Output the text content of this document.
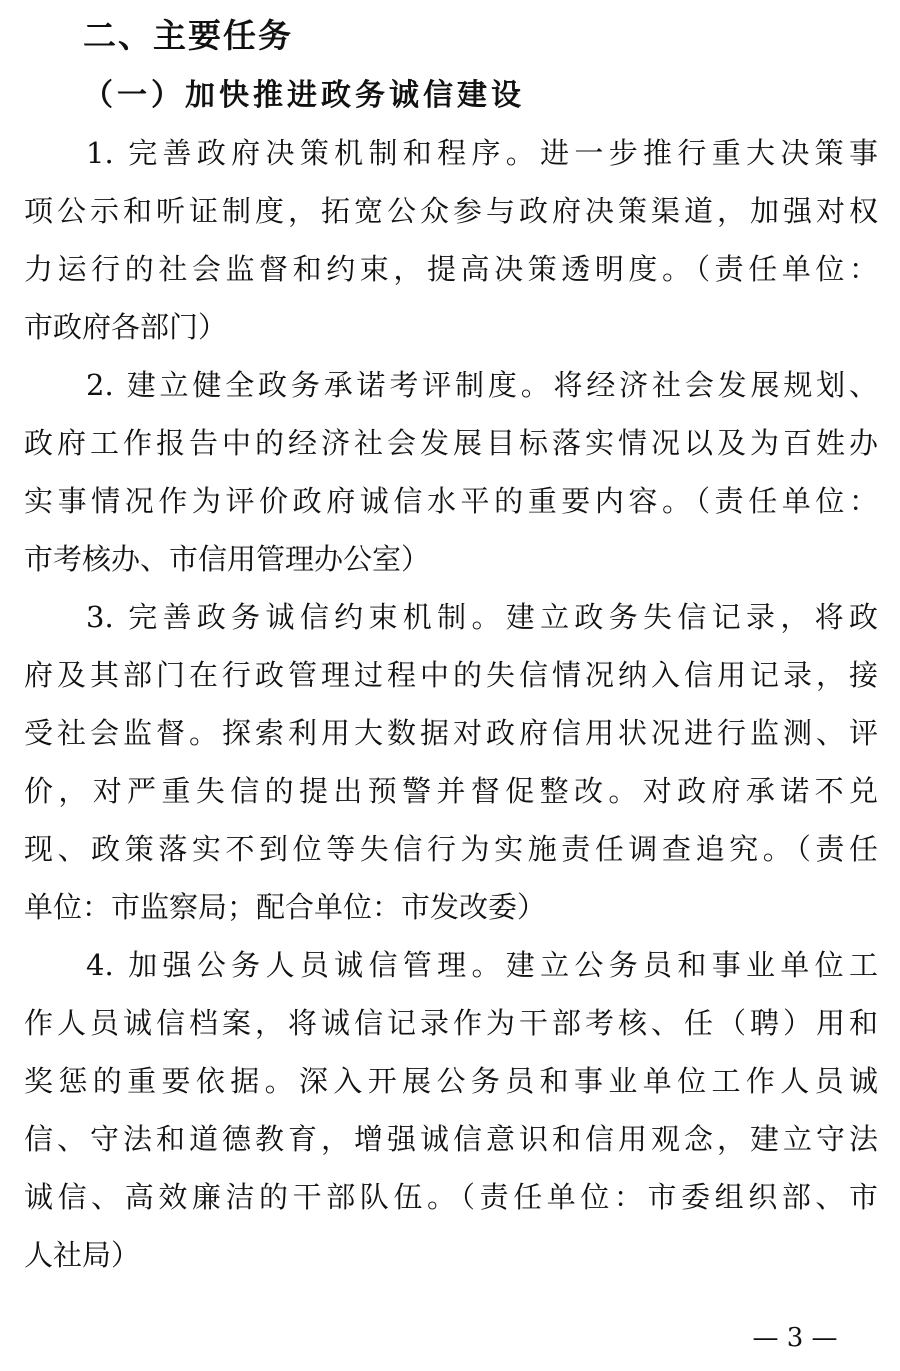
二、主要任务
（一）加快推进政务诚信建设
1. 完善政府决策机制和程序。进一步推行重大决策事
项公示和听证制度，拓宽公众参与政府决策渠道，加强对权
力运行的社会监督和约束，提高决策透明度。（责任单位：
市政府各部门）
2. 建立健全政务承诺考评制度。将经济社会发展规划、
政府工作报告中的经济社会发展目标落实情况以及为百姓办
实事情况作为评价政府诚信水平的重要内容。（责任单位：
市考核办、市信用管理办公室）
3. 完善政务诚信约束机制。建立政务失信记录，将政
府及其部门在行政管理过程中的失信情况纳入信用记录，接
受社会监督。探索利用大数据对政府信用状况进行监测、评
价，对严重失信的提出预警并督促整改。对政府承诺不兑
现、政策落实不到位等失信行为实施责任调查追究。（责任
单位：市监察局；配合单位：市发改委）
4. 加强公务人员诚信管理。建立公务员和事业单位工
作人员诚信档案，将诚信记录作为干部考核、任（聘）用和
奖惩的重要依据。深入开展公务员和事业单位工作人员诚
信、守法和道德教育，增强诚信意识和信用观念，建立守法
诚信、高效廉洁的干部队伍。（责任单位：市委组织部、市
人社局）
— 3 —
